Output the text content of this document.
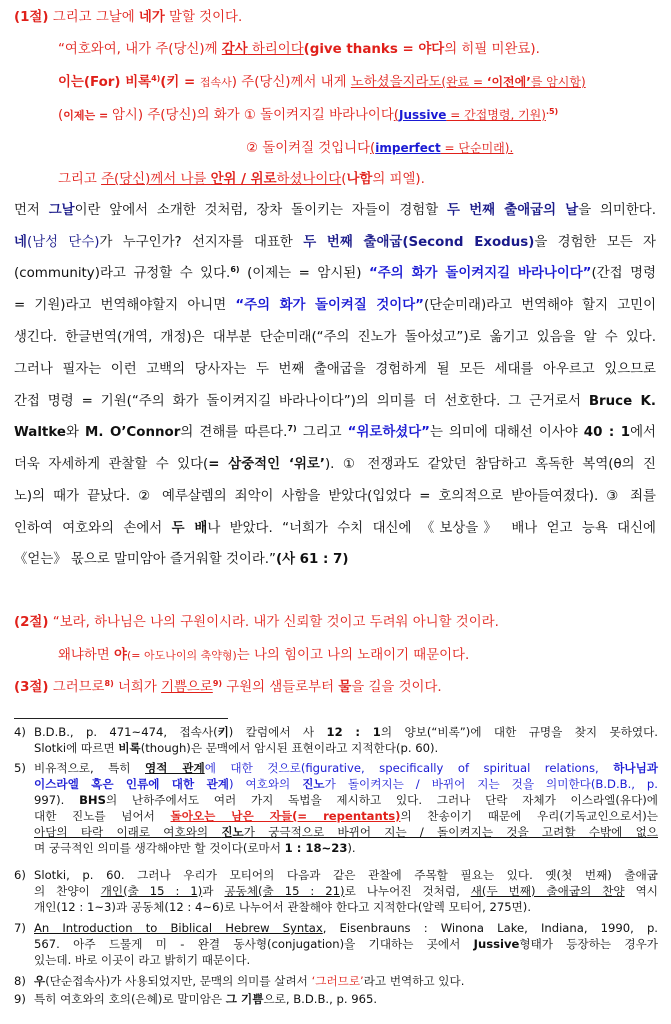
(1절) 그리고 그날에 네가 말할 것이다.
“여호와여, 내가 주(당신)께 감사 하리이다(give thanks = 야다의 히필 미완료).
이는(For) 비록$^{4)}$(키 = 접속사) 주(당신)께서 내게 노하셨을지라도(완료 = ‘이전에’를 암시함)
(이제는 = 암시) 주(당신)의 화가 ① 돌이켜지길 바라나이다(Jussive = 간접명령, 기원)$^{.5)}$
② 돌이켜질 것입니다(imperfect = 단순미래).
그리고 주(당신)께서 나를 안위 / 위로하셨나이다(나함의 피엘).
먼저 그날이란 앞에서 소개한 것처럼, 장차 돌이키는 자들이 경험할 두 번째 출애굽의 날을 의미한다.
네(남성 단수)가 누구인가? 선지자를 대표한 두 번째 출애굽(Second Exodus)을 경험한 모든 자
(community)라고 규정할 수 있다.$^{6)}$ (이제는 = 암시된) “주의 화가 돌이켜지길 바라나이다”(간접 명령
= 기원)라고 번역해야할지 아니면 “주의 화가 돌이켜질 것이다”(단순미래)라고 번역해야 할지 고민이
생긴다. 한글번역(개역, 개정)은 대부분 단순미래(“주의 진노가 돌아섰고”)로 옮기고 있음을 알 수 있다.
그러나 필자는 이런 고백의 당사자는 두 번째 출애굽을 경험하게 될 모든 세대를 아우르고 있으므로
간접 명령 = 기원(“주의 화가 돌이켜지길 바라나이다”)의 의미를 더 선호한다. 그 근거로서 Bruce K.
Waltke와 M. O’Connor의 견해를 따른다.$^{7)}$ 그리고 “위로하셨다”는 의미에 대해선 이사야 40 : 1에서
더욱 자세하게 관찰할 수 있다(= 삼중적인 ‘위로’). ① 전쟁과도 같았던 참담하고 혹독한 복역(θ의 진
노)의 때가 끝났다. ② 예루살렘의 죄악이 사함을 받았다(입었다 = 호의적으로 받아들여졌다). ③ 죄를
인하여 여호와의 손에서 두 배나 받았다. “너희가 수치 대신에 《보상을》 배나 얻고 능욕 대신에
《얻는》 몫으로 말미암아 즐거워할 것이라.”(사 61 : 7)
(2절) “보라, 하나님은 나의 구원이시라. 내가 신뢰할 것이고 두려워 아니할 것이라.
왜냐하면 야(= 아도나이의 축약형)는 나의 힘이고 나의 노래이기 때문이다.
(3절) 그러므로$^{8)}$ 너희가 기쁨으로$^{9)}$ 구원의 샘들로부터 물을 길을 것이다.
4) B.D.B., p. 471~474, 접속사(키) 칼럼에서 사 12 : 1의 양보(“비록”)에 대한 규명을 찾지 못하였다.
Slotki에 따르면 비록(though)은 문맥에서 암시된 표현이라고 지적한다(p. 60).
5) 비유적으로, 특히 영적 관계에 대한 것으로(figurative, specifically of spiritual relations, 하나님과
이스라엘 혹은 인류에 대한 관계) 여호와의 진노가 돌이켜지는 / 바뀌어 지는 것을 의미한다(B.D.B., p.
997). BHS의 난하주에서도 여러 가지 독법을 제시하고 있다. 그러나 단락 자체가 이스라엘(유다)에
대한 진노를 넘어서 돌아오는 남은 자들(= repentants)의 찬송이기 때문에 우리(기독교인으로서)는
아담의 타락 이래로 여호와의 진노가 궁극적으로 바뀌어 지는 / 돌이켜지는 것을 고려할 수밖에 없으
며 궁극적인 의미를 생각해야만 할 것이다(로마서 1 : 18~23).
6) Slotki, p. 60. 그러나 우리가 모티어의 다음과 같은 관찰에 주목할 필요는 있다. 옛(첫 번째) 출애굽
의 찬양이 개인(출 15 : 1)과 공동체(출 15 : 21)로 나누어진 것처럼, 새(두 번째) 출애굽의 찬양 역시
개인(12 : 1~3)과 공동체(12 : 4~6)로 나누어서 관찰해야 한다고 지적한다(알렉 모티어, 275면).
7) An Introduction to Biblical Hebrew Syntax, Eisenbrauns : Winona Lake, Indiana, 1990, p.
567. 아주 드물게 미 - 완결 동사형(conjugation)을 기대하는 곳에서 Jussive형태가 등장하는 경우가
있는데. 바로 이곳이 라고 밝히기 때문이다.
8) 우(단순접속사)가 사용되었지만, 문맥의 의미를 살려서 ‘그러므로’라고 번역하고 있다.
9) 특히 여호와의 호의(은혜)로 말미암은 그 기쁨으로, B.D.B., p. 965.
